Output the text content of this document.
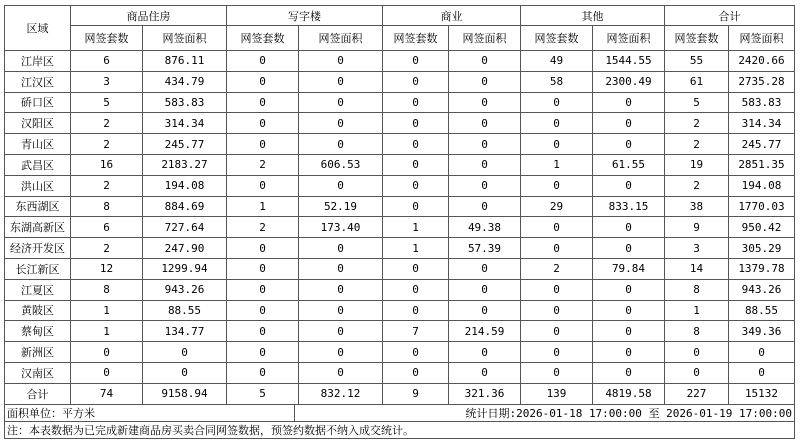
区域	商品住房		写字楼		商业		其他		合计	
	网签套数	网签面积	网签套数	网签面积	网签套数	网签面积	网签套数	网签面积	网签套数	网签面积
江岸区	6	876.11	0	0	0	0	49	1544.55	55	2420.66
江汉区	3	434.79	0	0	0	0	58	2300.49	61	2735.28
硚口区	5	583.83	0	0	0	0	0	0	5	583.83
汉阳区	2	314.34	0	0	0	0	0	0	2	314.34
青山区	2	245.77	0	0	0	0	0	0	2	245.77
武昌区	16	2183.27	2	606.53	0	0	1	61.55	19	2851.35
洪山区	2	194.08	0	0	0	0	0	0	2	194.08
东西湖区	8	884.69	1	52.19	0	0	29	833.15	38	1770.03
东湖高新区	6	727.64	2	173.40	1	49.38	0	0	9	950.42
经济开发区	2	247.90	0	0	1	57.39	0	0	3	305.29
长江新区	12	1299.94	0	0	0	0	2	79.84	14	1379.78
江夏区	8	943.26	0	0	0	0	0	0	8	943.26
黄陂区	1	88.55	0	0	0	0	0	0	1	88.55
蔡甸区	1	134.77	0	0	7	214.59	0	0	8	349.36
新洲区	0	0	0	0	0	0	0	0	0	0
汉南区	0	0	0	0	0	0	0	0	0	0
合计	74	9158.94	5	832.12	9	321.36	139	4819.58	227	15132
面积单位：平方米	统计日期:2026-01-18 17:00:00 至 2026-01-19 17:00:00
注：本表数据为已完成新建商品房买卖合同网签数据，预签约数据不纳入成交统计。
